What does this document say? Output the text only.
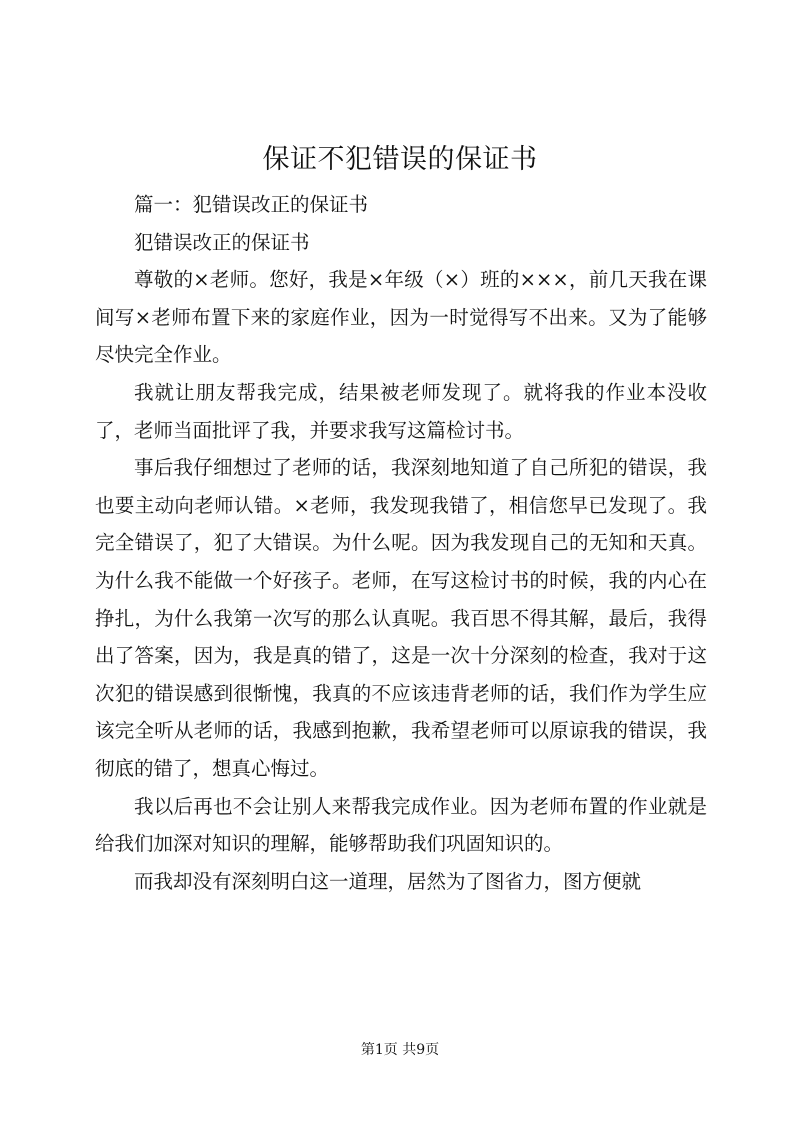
保证不犯错误的保证书

篇一：犯错误改正的保证书

犯错误改正的保证书

尊敬的×老师。您好，我是×年级（×）班的×××，前几天我在课间写×老师布置下来的家庭作业，因为一时觉得写不出来。又为了能够尽快完全作业。

我就让朋友帮我完成，结果被老师发现了。就将我的作业本没收了，老师当面批评了我，并要求我写这篇检讨书。

事后我仔细想过了老师的话，我深刻地知道了自己所犯的错误，我也要主动向老师认错。×老师，我发现我错了，相信您早已发现了。我完全错误了，犯了大错误。为什么呢。因为我发现自己的无知和天真。为什么我不能做一个好孩子。老师，在写这检讨书的时候，我的内心在挣扎，为什么我第一次写的那么认真呢。我百思不得其解，最后，我得出了答案，因为，我是真的错了，这是一次十分深刻的检查，我对于这次犯的错误感到很惭愧，我真的不应该违背老师的话，我们作为学生应该完全听从老师的话，我感到抱歉，我希望老师可以原谅我的错误，我彻底的错了，想真心悔过。

我以后再也不会让别人来帮我完成作业。因为老师布置的作业就是给我们加深对知识的理解，能够帮助我们巩固知识的。

而我却没有深刻明白这一道理，居然为了图省力，图方便就

第1页 共9页
